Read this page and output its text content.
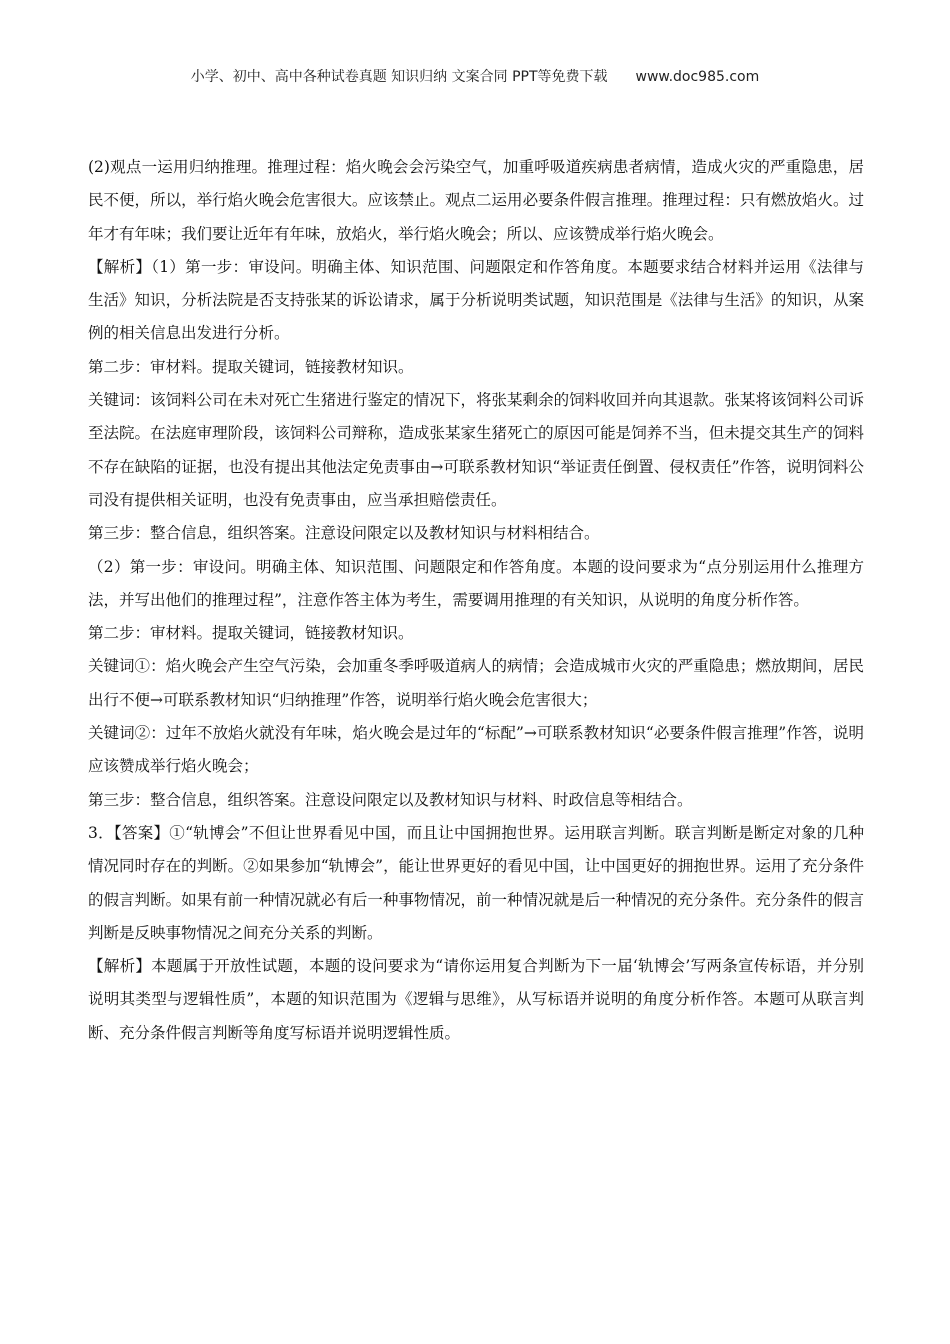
小学、初中、高中各种试卷真题 知识归纳 文案合同 PPT等免费下载 www.doc985.com

(2)观点一运用归纳推理。推理过程：焰火晚会会污染空气，加重呼吸道疾病患者病情，造成火灾的严重隐患，居民不便，所以，举行焰火晚会危害很大。应该禁止。观点二运用必要条件假言推理。推理过程：只有燃放焰火。过年才有年味；我们要让近年有年味，放焰火，举行焰火晚会；所以、应该赞成举行焰火晚会。

【解析】（1）第一步：审设问。明确主体、知识范围、问题限定和作答角度。本题要求结合材料并运用《法律与生活》知识，分析法院是否支持张某的诉讼请求，属于分析说明类试题，知识范围是《法律与生活》的知识，从案例的相关信息出发进行分析。

第二步：审材料。提取关键词，链接教材知识。

关键词：该饲料公司在未对死亡生猪进行鉴定的情况下，将张某剩余的饲料收回并向其退款。张某将该饲料公司诉至法院。在法庭审理阶段，该饲料公司辩称，造成张某家生猪死亡的原因可能是饲养不当，但未提交其生产的饲料不存在缺陷的证据，也没有提出其他法定免责事由→可联系教材知识“举证责任倒置、侵权责任”作答，说明饲料公司没有提供相关证明，也没有免责事由，应当承担赔偿责任。

第三步：整合信息，组织答案。注意设问限定以及教材知识与材料相结合。

（2）第一步：审设问。明确主体、知识范围、问题限定和作答角度。本题的设问要求为“点分别运用什么推理方法，并写出他们的推理过程”，注意作答主体为考生，需要调用推理的有关知识，从说明的角度分析作答。

第二步：审材料。提取关键词，链接教材知识。

关键词①：焰火晚会产生空气污染，会加重冬季呼吸道病人的病情；会造成城市火灾的严重隐患；燃放期间，居民出行不便→可联系教材知识“归纳推理”作答，说明举行焰火晚会危害很大；

关键词②：过年不放焰火就没有年味，焰火晚会是过年的“标配”→可联系教材知识“必要条件假言推理”作答，说明应该赞成举行焰火晚会；

第三步：整合信息，组织答案。注意设问限定以及教材知识与材料、时政信息等相结合。

3．【答案】①“轨博会”不但让世界看见中国，而且让中国拥抱世界。运用联言判断。联言判断是断定对象的几种情况同时存在的判断。②如果参加“轨博会”，能让世界更好的看见中国，让中国更好的拥抱世界。运用了充分条件的假言判断。如果有前一种情况就必有后一种事物情况，前一种情况就是后一种情况的充分条件。充分条件的假言判断是反映事物情况之间充分关系的判断。

【解析】本题属于开放性试题，本题的设问要求为“请你运用复合判断为下一届‘轨博会’写两条宣传标语，并分别说明其类型与逻辑性质”，本题的知识范围为《逻辑与思维》，从写标语并说明的角度分析作答。本题可从联言判断、充分条件假言判断等角度写标语并说明逻辑性质。
